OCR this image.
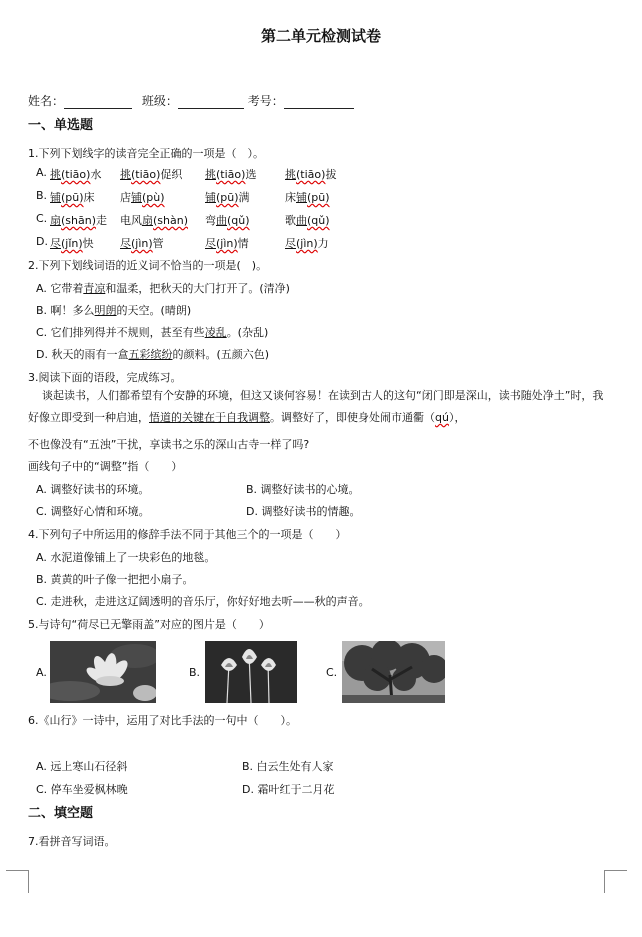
第二单元检测试卷
姓名：	班级：	考号：
一、单选题
1.下列下划线字的读音完全正确的一项是（　）。
A. 挑(tiāo)水 挑(tiāo)促织 挑(tiāo)选	挑(tiāo)拔
B. 铺(pū)床 店铺(pù)	铺(pū)满	床铺(pū)
C. 扇(shān)走 电风扇(shàn) 弯曲(qǔ)	歌曲(qǔ)
D. 尽(jǐn)快 尽(jìn)管	尽(jìn)情	尽(jìn)力
2.下列下划线词语的近义词不恰当的一项是(　)。
A. 它带着青凉和温柔，把秋天的大门打开了。(清净)
B. 啊！多么明朗的天空。(晴朗)
C. 它们排列得并不规则，甚至有些凌乱。(杂乱)
D. 秋天的雨有一盒五彩缤纷的颜料。(五颜六色)
3.阅读下面的语段，完成练习。
谈起读书，人们都希望有个安静的环境，但这又谈何容易！在读到古人的这句“闭门即是深山，读书随处净土”时，我好像立即受到一种启迪，悟道的关键在于自我调整。调整好了，即使身处闹市通衢（qú），
不也像没有“五浊”干扰，享读书之乐的深山古寺一样了吗?
画线句子中的“调整”指（　　）
A. 调整好读书的环境。	B. 调整好读书的心境。
C. 调整好心情和环境。	D. 调整好读书的情趣。
4.下列句子中所运用的修辞手法不同于其他三个的一项是（　　）
A. 水泥道像铺上了一块彩色的地毯。
B. 黄黄的叶子像一把把小扇子。
C. 走进秋，走进这辽阔透明的音乐厅，你好好地去听——秋的声音。
5.与诗句“荷尽已无擎雨盖”对应的图片是（　　）
A.	B.	C.
6.《山行》一诗中，运用了对比手法的一句中（　　）。
A. 远上寒山石径斜	B. 白云生处有人家
C. 停车坐爱枫林晚	D. 霜叶红于二月花
二、填空题
7.看拼音写词语。
